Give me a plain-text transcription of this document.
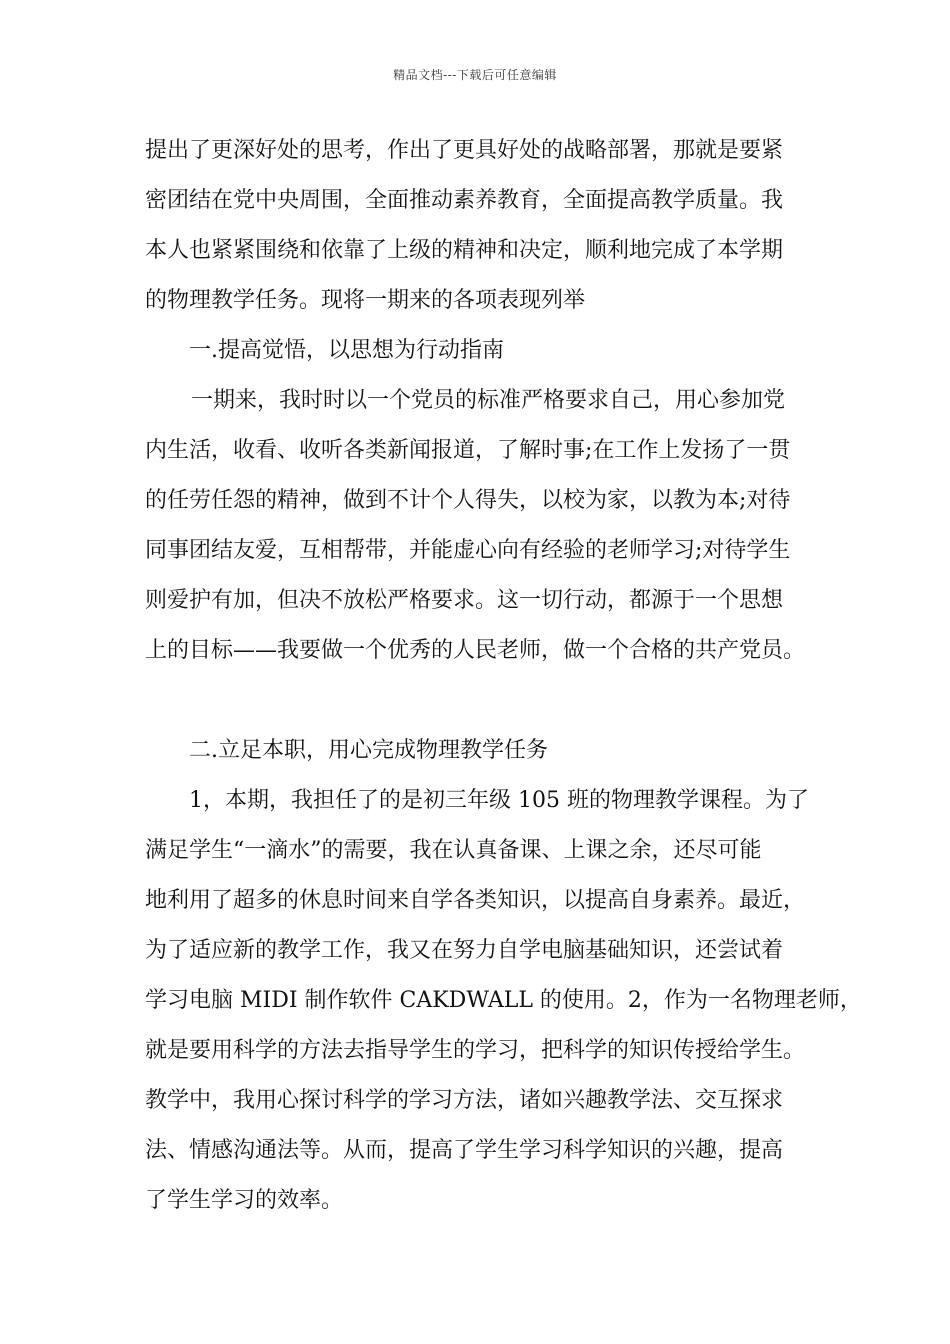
精品文档---下载后可任意编辑
提出了更深好处的思考，作出了更具好处的战略部署，那就是要紧
密团结在党中央周围，全面推动素养教育，全面提高教学质量。我
本人也紧紧围绕和依靠了上级的精神和决定，顺利地完成了本学期
的物理教学任务。现将一期来的各项表现列举
一.提高觉悟，以思想为行动指南
一期来，我时时以一个党员的标准严格要求自己，用心参加党
内生活，收看、收听各类新闻报道，了解时事;在工作上发扬了一贯
的任劳任怨的精神，做到不计个人得失，以校为家，以教为本;对待
同事团结友爱，互相帮带，并能虚心向有经验的老师学习;对待学生
则爱护有加，但决不放松严格要求。这一切行动，都源于一个思想
上的目标——我要做一个优秀的人民老师，做一个合格的共产党员。
二.立足本职，用心完成物理教学任务
1，本期，我担任了的是初三年级 105 班的物理教学课程。为了
满足学生“一滴水”的需要，我在认真备课、上课之余，还尽可能
地利用了超多的休息时间来自学各类知识，以提高自身素养。最近，
为了适应新的教学工作，我又在努力自学电脑基础知识，还尝试着
学习电脑 MIDI 制作软件 CAKDWALL 的使用。2，作为一名物理老师，
就是要用科学的方法去指导学生的学习，把科学的知识传授给学生。
教学中，我用心探讨科学的学习方法，诸如兴趣教学法、交互探求
法、情感沟通法等。从而，提高了学生学习科学知识的兴趣，提高
了学生学习的效率。
